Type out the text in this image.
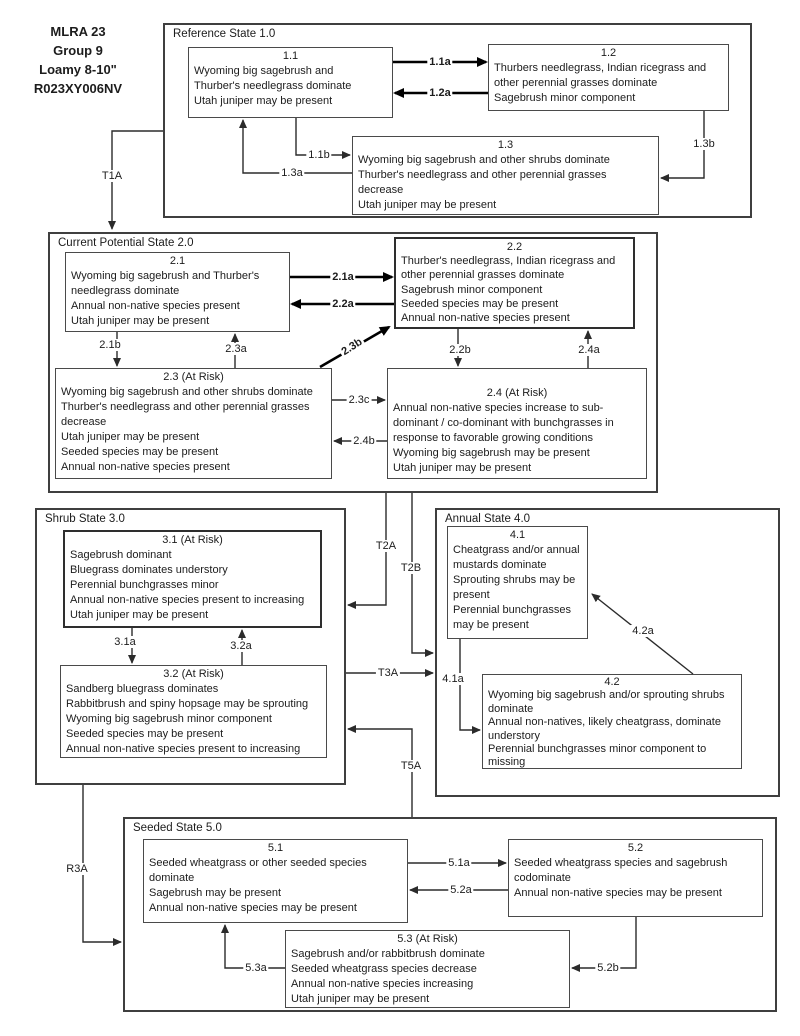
MLRA 23
Group 9
Loamy 8-10"
R023XY006NV
Reference State 1.0
Current Potential State 2.0
Shrub State 3.0	Annual State 4.0
Seeded State 5.0
1.1
Wyoming big sagebrush and
Thurber's needlegrass dominate
Utah juniper may be present
1.2
Thurbers needlegrass, Indian ricegrass and
other perennial grasses dominate
Sagebrush minor component
1.3
Wyoming big sagebrush and other shrubs dominate
Thurber's needlegrass and other perennial grasses
decrease
Utah juniper may be present
2.1
Wyoming big sagebrush and Thurber's
needlegrass dominate
Annual non-native species present
Utah juniper may be present
2.2
Thurber's needlegrass, Indian ricegrass and
other perennial grasses dominate
Sagebrush minor component
Seeded species may be present
Annual non-native species present
2.3 (At Risk)
Wyoming big sagebrush and other shrubs dominate
Thurber's needlegrass and other perennial grasses
decrease
Utah juniper may be present
Seeded species may be present
Annual non-native species present
2.4 (At Risk)
Annual non-native species increase to sub-
dominant / co-dominant with bunchgrasses in
response to favorable growing conditions
Wyoming big sagebrush may be present
Utah juniper may be present
3.1 (At Risk)
Sagebrush dominant
Bluegrass dominates understory
Perennial bunchgrasses minor
Annual non-native species present to increasing
Utah juniper may be present
3.2 (At Risk)
Sandberg bluegrass dominates
Rabbitbrush and spiny hopsage may be sprouting
Wyoming big sagebrush minor component
Seeded species may be present
Annual non-native species present to increasing
4.1
Cheatgrass and/or annual
mustards dominate
Sprouting shrubs may be
present
Perennial bunchgrasses
may be present
4.2
Wyoming big sagebrush and/or sprouting shrubs
dominate
Annual non-natives, likely cheatgrass, dominate
understory
Perennial bunchgrasses minor component to
missing
5.1
Seeded wheatgrass or other seeded species
dominate
Sagebrush may be present
Annual non-native species may be present
5.2
Seeded wheatgrass species and sagebrush
codominate
Annual non-native species may be present
5.3 (At Risk)
Sagebrush and/or rabbitbrush dominate
Seeded wheatgrass species decrease
Annual non-native species increasing
Utah juniper may be present
1.1a
1.2a
1.1b
1.3a
1.3b
T1A
2.1a
2.2a
2.1b	2.3a	2.3b	2.2b	2.4a
2.3c
2.4b
T2A
T2B
T3A
T5A
R3A
3.1a	3.2a
4.1a
4.2a
5.1a
5.2a
5.3a	5.2b
